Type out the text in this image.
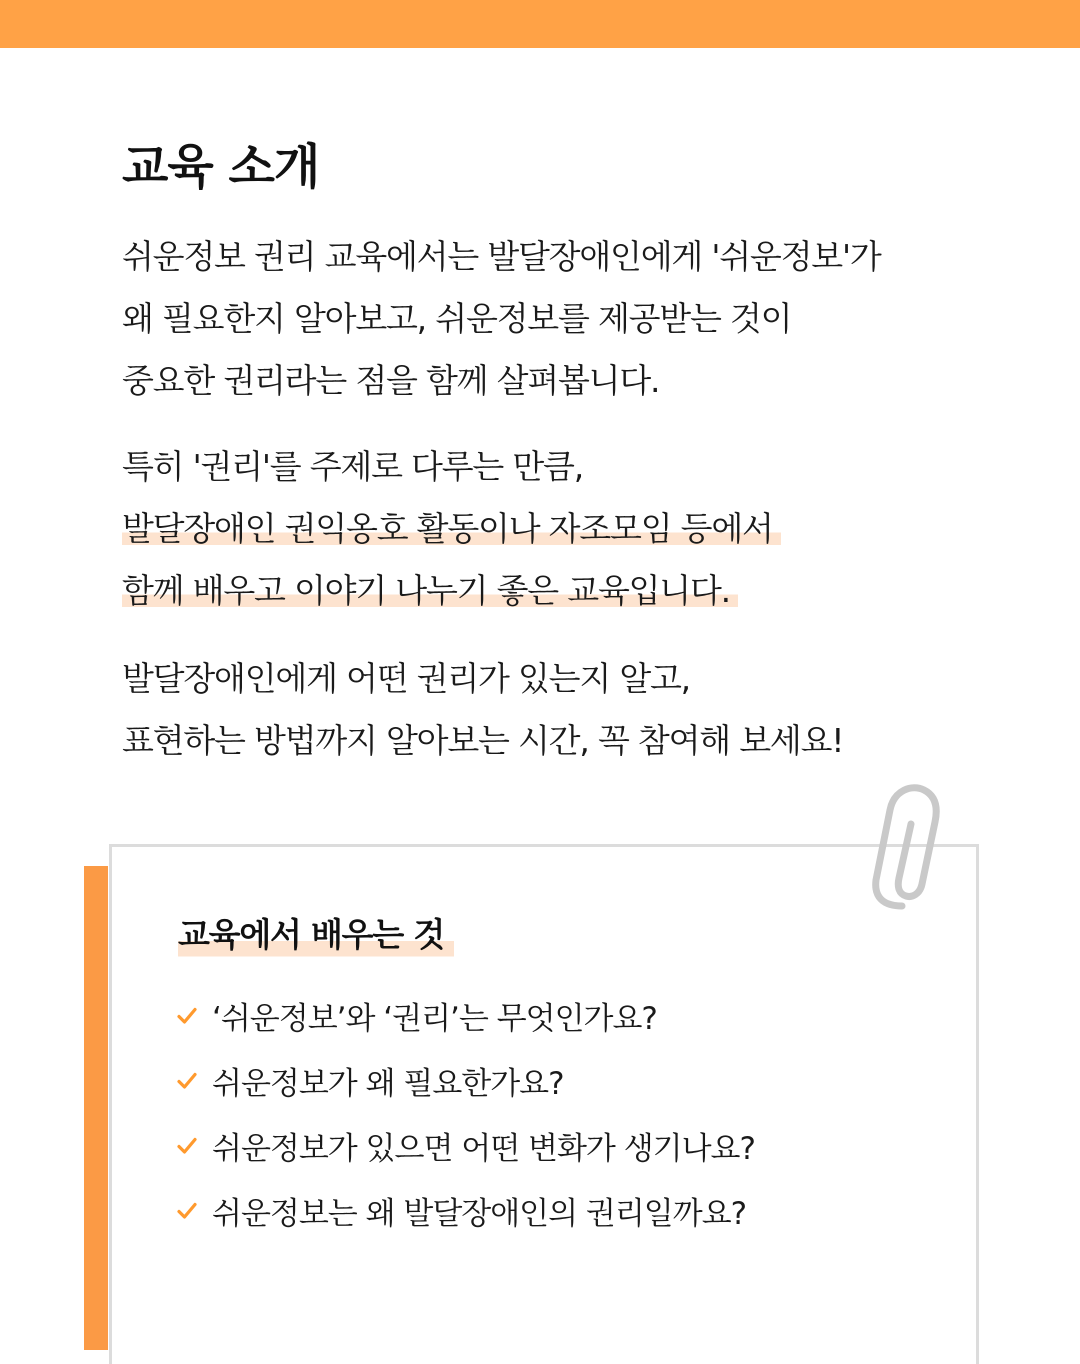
교육 소개

쉬운정보 권리 교육에서는 발달장애인에게 '쉬운정보'가
왜 필요한지 알아보고, 쉬운정보를 제공받는 것이
중요한 권리라는 점을 함께 살펴봅니다.

특히 '권리'를 주제로 다루는 만큼,
발달장애인 권익옹호 활동이나 자조모임 등에서
함께 배우고 이야기 나누기 좋은 교육입니다.

발달장애인에게 어떤 권리가 있는지 알고,
표현하는 방법까지 알아보는 시간, 꼭 참여해 보세요!

교육에서 배우는 것
‘쉬운정보’와 ‘권리’는 무엇인가요?
쉬운정보가 왜 필요한가요?
쉬운정보가 있으면 어떤 변화가 생기나요?
쉬운정보는 왜 발달장애인의 권리일까요?
